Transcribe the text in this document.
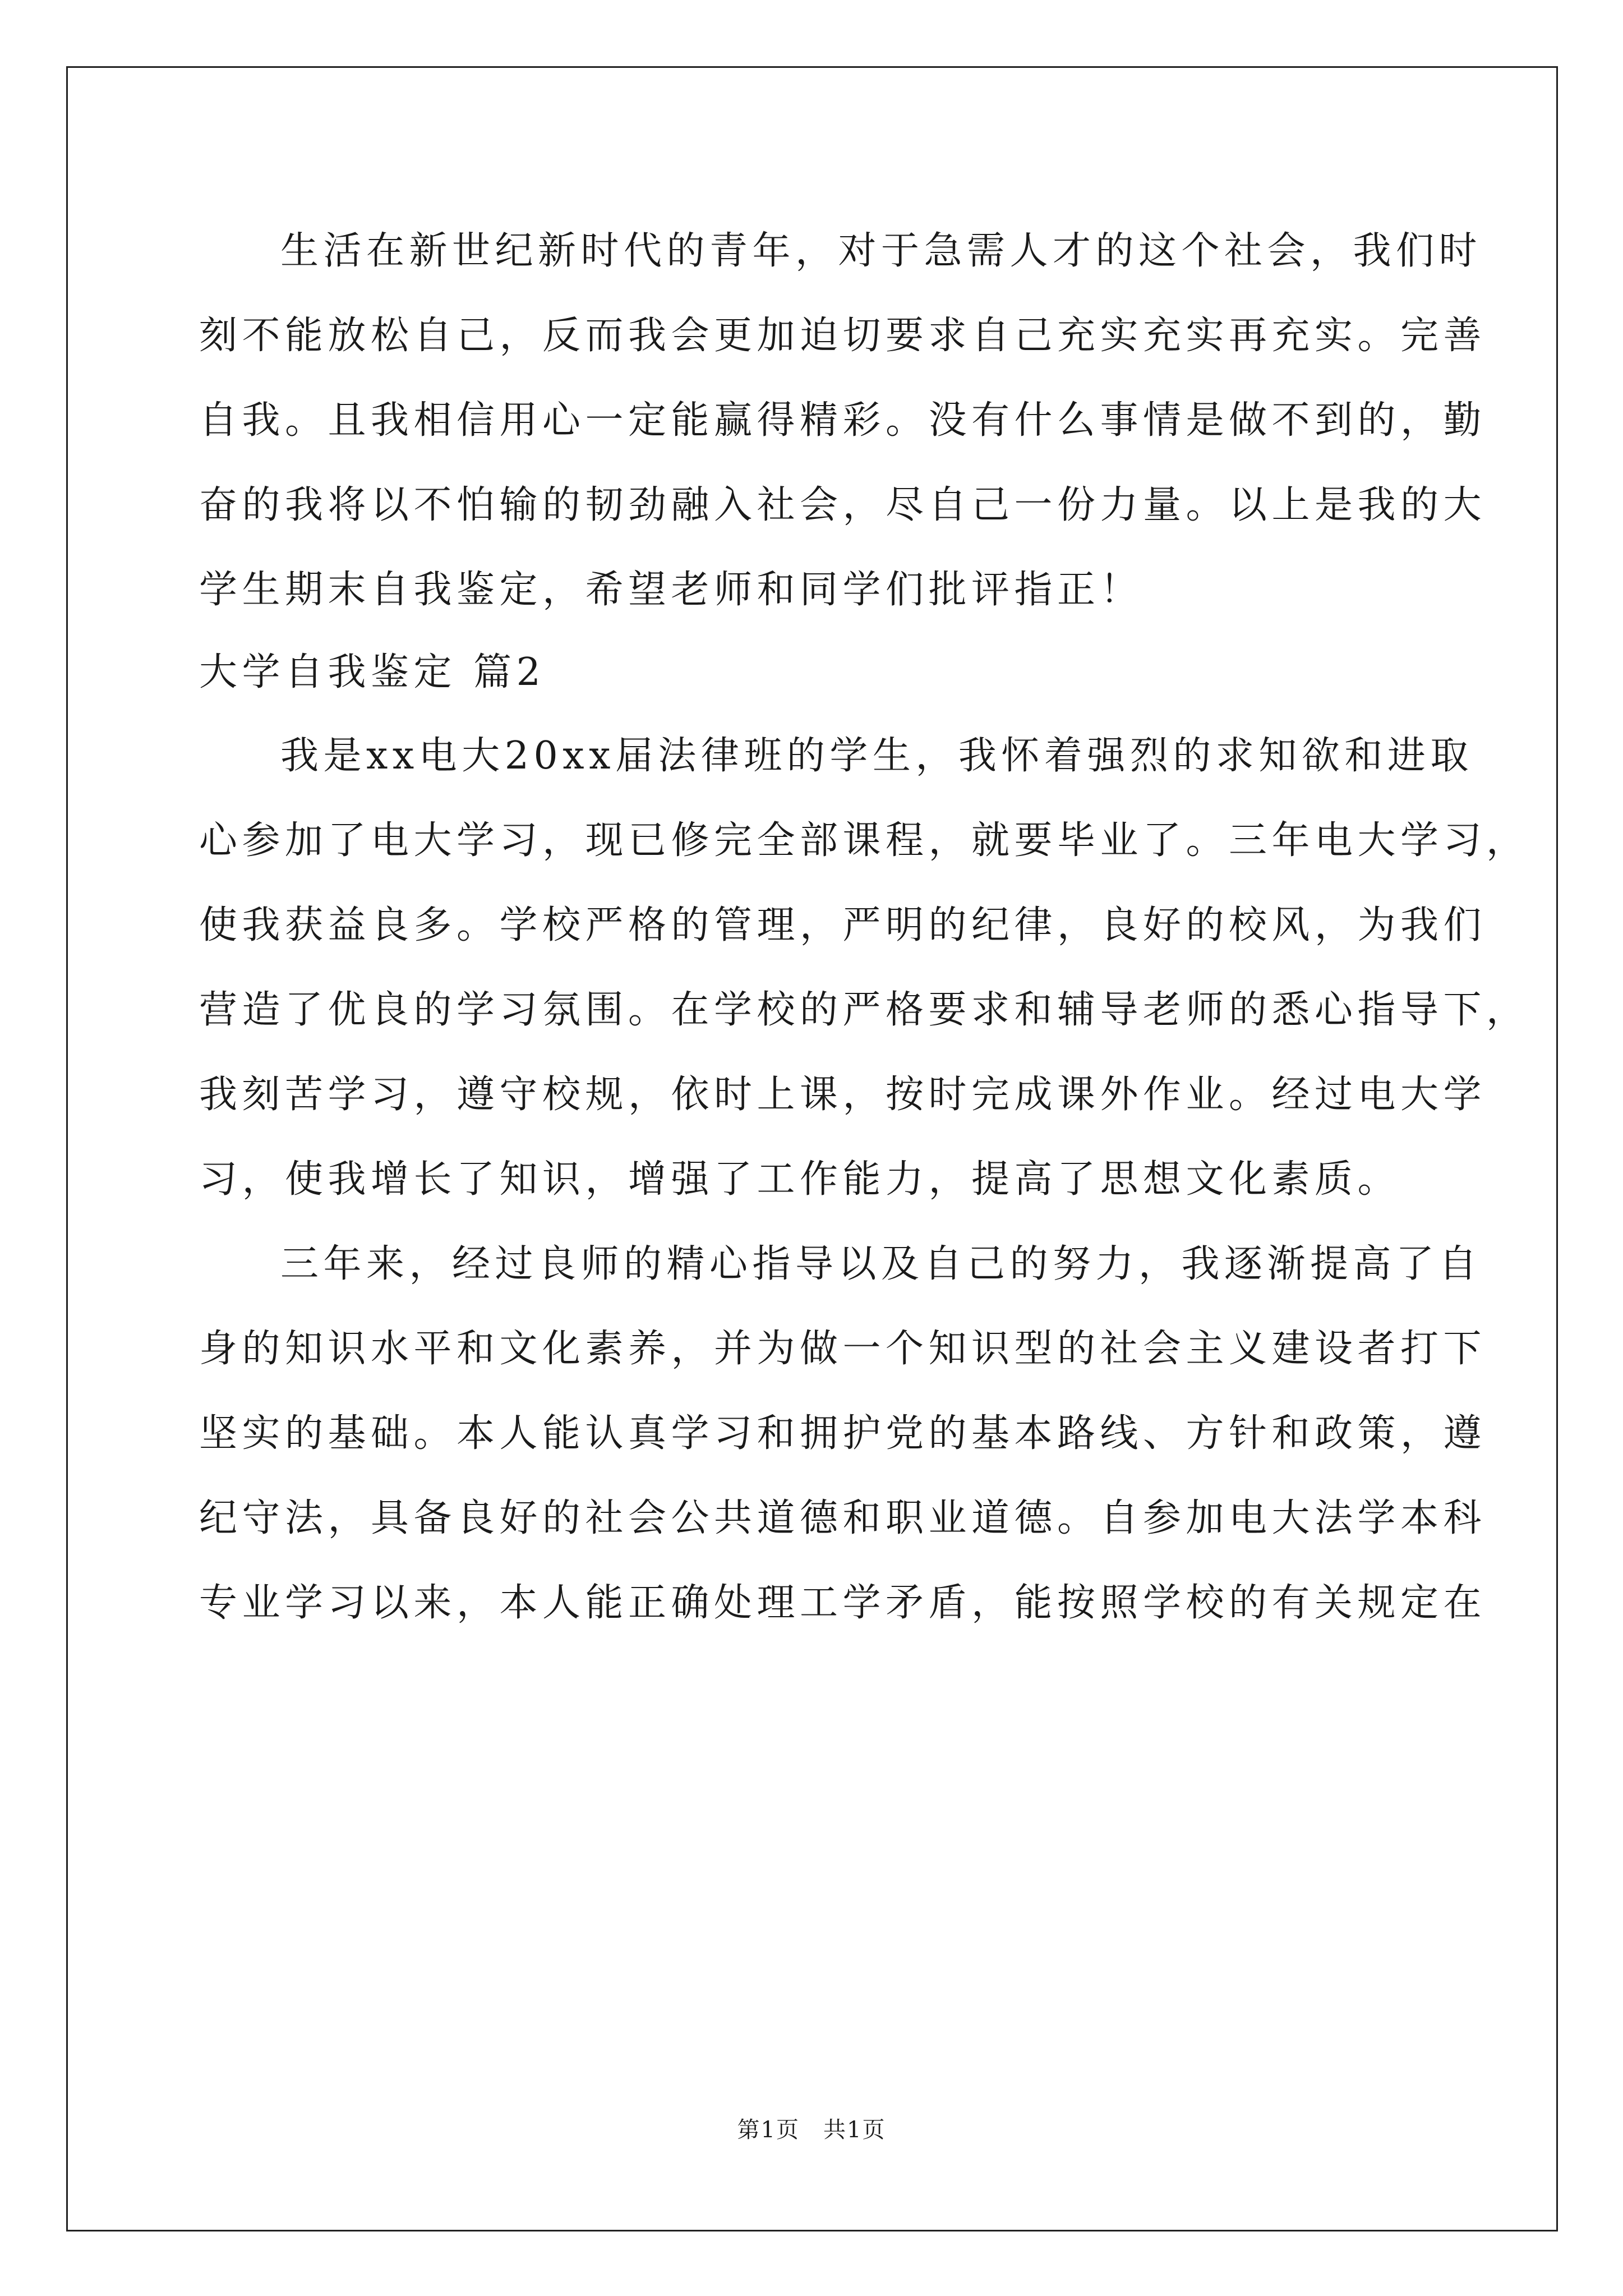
生活在新世纪新时代的青年，对于急需人才的这个社会，我们时
刻不能放松自己，反而我会更加迫切要求自己充实充实再充实。完善
自我。且我相信用心一定能赢得精彩。没有什么事情是做不到的，勤
奋的我将以不怕输的韧劲融入社会，尽自己一份力量。以上是我的大
学生期末自我鉴定，希望老师和同学们批评指正！
大学自我鉴定 篇2
我是xx电大20xx届法律班的学生，我怀着强烈的求知欲和进取
心参加了电大学习，现已修完全部课程，就要毕业了。三年电大学习，
使我获益良多。学校严格的管理，严明的纪律，良好的校风，为我们
营造了优良的学习氛围。在学校的严格要求和辅导老师的悉心指导下，
我刻苦学习，遵守校规，依时上课，按时完成课外作业。经过电大学
习，使我增长了知识，增强了工作能力，提高了思想文化素质。
三年来，经过良师的精心指导以及自己的努力，我逐渐提高了自
身的知识水平和文化素养，并为做一个知识型的社会主义建设者打下
坚实的基础。本人能认真学习和拥护党的基本路线、方针和政策，遵
纪守法，具备良好的社会公共道德和职业道德。自参加电大法学本科
专业学习以来，本人能正确处理工学矛盾，能按照学校的有关规定在
第1页　共1页
